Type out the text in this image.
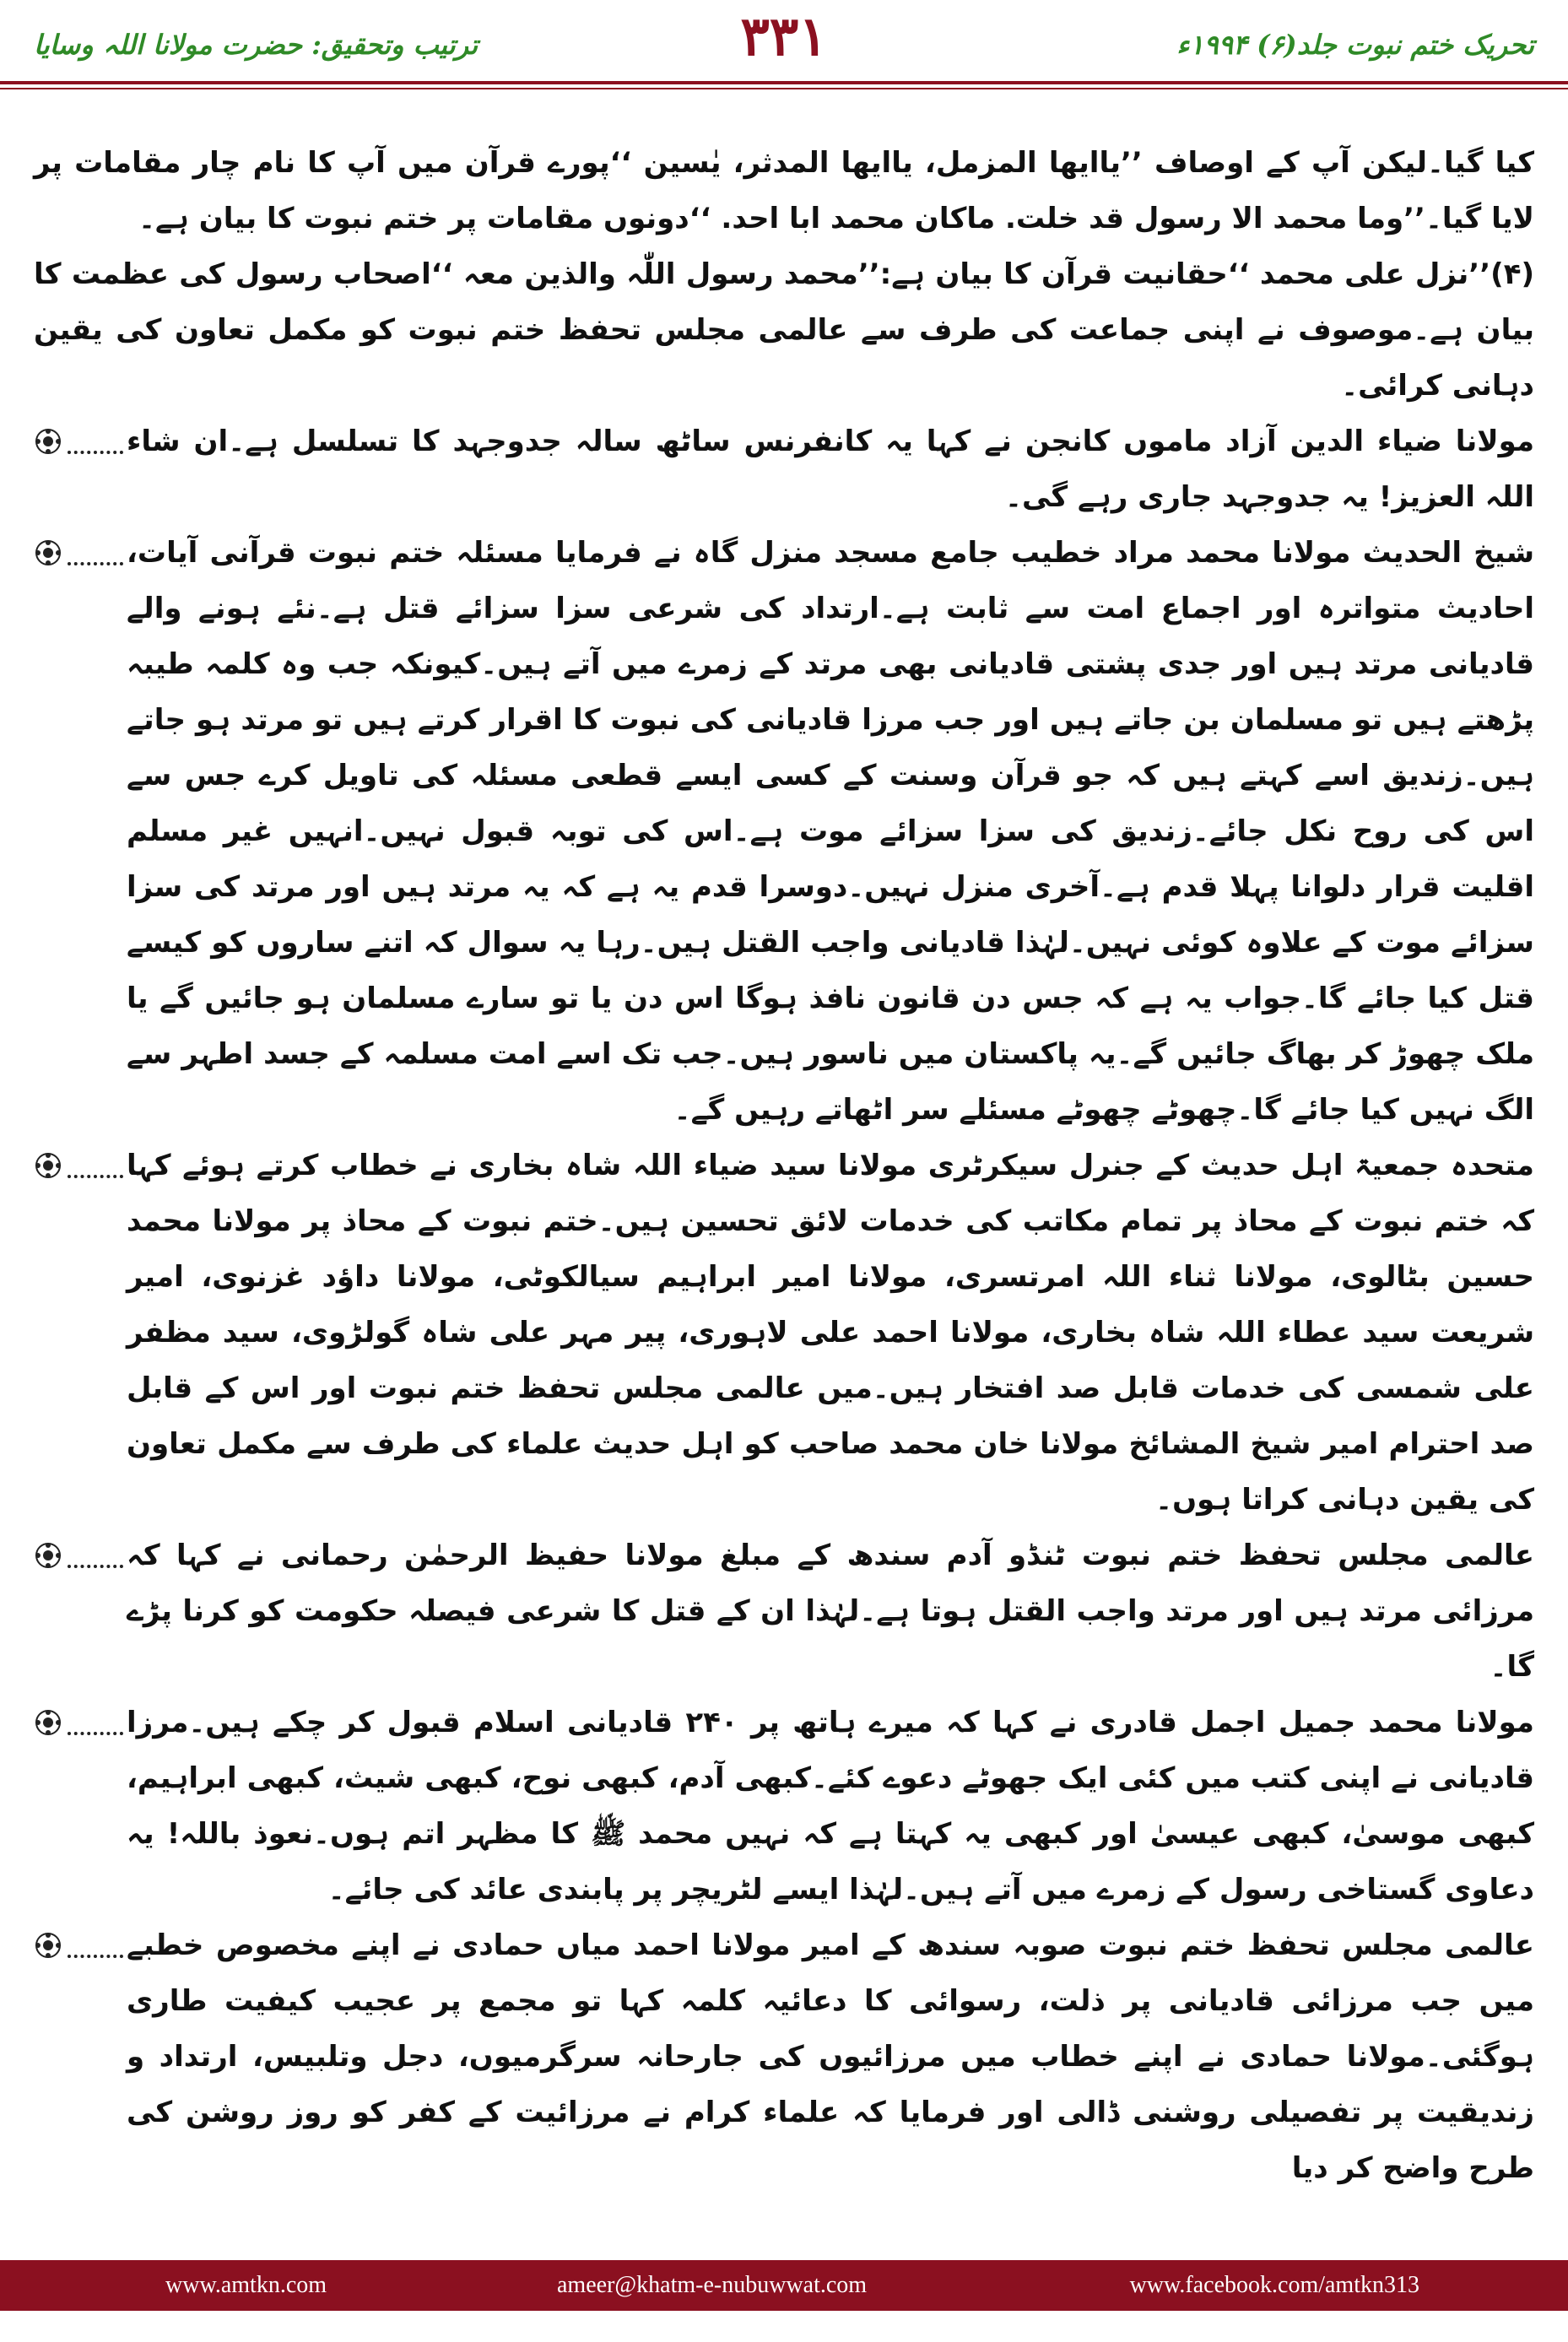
تحریک ختم نبوت جلد(۶) ۱۹۹۴ء
۳۳۱
ترتیب وتحقیق: حضرت مولانا اللہ وسایا

کیا گیا۔لیکن آپ کے اوصاف ’’یاایھا المزمل، یاایھا المدثر، یٰسین ‘‘پورے قرآن میں آپ کا نام چار مقامات پر لایا گیا۔’’وما محمد الا رسول قد خلت. ماکان محمد ابا احد. ‘‘دونوں مقامات پر ختم نبوت کا بیان ہے۔

(۴)’’نزل علی محمد ‘‘حقانیت قرآن کا بیان ہے:’’محمد رسول اللّٰہ والذین معہ ‘‘اصحاب رسول کی عظمت کا بیان ہے۔موصوف نے اپنی جماعت کی طرف سے عالمی مجلس تحفظ ختم نبوت کو مکمل تعاون کی یقین دہانی کرائی۔

مولانا ضیاء الدین آزاد ماموں کانجن نے کہا یہ کانفرنس ساٹھ سالہ جدوجہد کا تسلسل ہے۔ان شاء اللہ العزیز! یہ جدوجہد جاری رہے گی۔

شیخ الحدیث مولانا محمد مراد خطیب جامع مسجد منزل گاہ نے فرمایا مسئلہ ختم نبوت قرآنی آیات، احادیث متواترہ اور اجماع امت سے ثابت ہے۔ارتداد کی شرعی سزا سزائے قتل ہے۔نئے ہونے والے قادیانی مرتد ہیں اور جدی پشتی قادیانی بھی مرتد کے زمرے میں آتے ہیں۔کیونکہ جب وہ کلمہ طیبہ پڑھتے ہیں تو مسلمان بن جاتے ہیں اور جب مرزا قادیانی کی نبوت کا اقرار کرتے ہیں تو مرتد ہو جاتے ہیں۔زندیق اسے کہتے ہیں کہ جو قرآن وسنت کے کسی ایسے قطعی مسئلہ کی تاویل کرے جس سے اس کی روح نکل جائے۔زندیق کی سزا سزائے موت ہے۔اس کی توبہ قبول نہیں۔انہیں غیر مسلم اقلیت قرار دلوانا پہلا قدم ہے۔آخری منزل نہیں۔دوسرا قدم یہ ہے کہ یہ مرتد ہیں اور مرتد کی سزا سزائے موت کے علاوہ کوئی نہیں۔لہٰذا قادیانی واجب القتل ہیں۔رہا یہ سوال کہ اتنے ساروں کو کیسے قتل کیا جائے گا۔جواب یہ ہے کہ جس دن قانون نافذ ہوگا اس دن یا تو سارے مسلمان ہو جائیں گے یا ملک چھوڑ کر بھاگ جائیں گے۔یہ پاکستان میں ناسور ہیں۔جب تک اسے امت مسلمہ کے جسد اطہر سے الگ نہیں کیا جائے گا۔چھوٹے چھوٹے مسئلے سر اٹھاتے رہیں گے۔

متحدہ جمعیۃ اہل حدیث کے جنرل سیکرٹری مولانا سید ضیاء اللہ شاہ بخاری نے خطاب کرتے ہوئے کہا کہ ختم نبوت کے محاذ پر تمام مکاتب کی خدمات لائق تحسین ہیں۔ختم نبوت کے محاذ پر مولانا محمد حسین بٹالوی، مولانا ثناء اللہ امرتسری، مولانا امیر ابراہیم سیالکوٹی، مولانا داؤد غزنوی، امیر شریعت سید عطاء اللہ شاہ بخاری، مولانا احمد علی لاہوری، پیر مہر علی شاہ گولڑوی، سید مظفر علی شمسی کی خدمات قابل صد افتخار ہیں۔میں عالمی مجلس تحفظ ختم نبوت اور اس کے قابل صد احترام امیر شیخ المشائخ مولانا خان محمد صاحب کو اہل حدیث علماء کی طرف سے مکمل تعاون کی یقین دہانی کراتا ہوں۔

عالمی مجلس تحفظ ختم نبوت ٹنڈو آدم سندھ کے مبلغ مولانا حفیظ الرحمٰن رحمانی نے کہا کہ مرزائی مرتد ہیں اور مرتد واجب القتل ہوتا ہے۔لہٰذا ان کے قتل کا شرعی فیصلہ حکومت کو کرنا پڑے گا۔

مولانا محمد جمیل اجمل قادری نے کہا کہ میرے ہاتھ پر ۲۴۰ قادیانی اسلام قبول کر چکے ہیں۔مرزا قادیانی نے اپنی کتب میں کئی ایک جھوٹے دعوے کئے۔کبھی آدم، کبھی نوح، کبھی شیث، کبھی ابراہیم، کبھی موسیٰ، کبھی عیسیٰ اور کبھی یہ کہتا ہے کہ نہیں محمد ﷺ کا مظہر اتم ہوں۔نعوذ باللہ! یہ دعاوی گستاخی رسول کے زمرے میں آتے ہیں۔لہٰذا ایسے لٹریچر پر پابندی عائد کی جائے۔

عالمی مجلس تحفظ ختم نبوت صوبہ سندھ کے امیر مولانا احمد میاں حمادی نے اپنے مخصوص خطبے میں جب مرزائی قادیانی پر ذلت، رسوائی کا دعائیہ کلمہ کہا تو مجمع پر عجیب کیفیت طاری ہوگئی۔مولانا حمادی نے اپنے خطاب میں مرزائیوں کی جارحانہ سرگرمیوں، دجل وتلبیس، ارتداد و زندیقیت پر تفصیلی روشنی ڈالی اور فرمایا کہ علماء کرام نے مرزائیت کے کفر کو روز روشن کی طرح واضح کر دیا

www.amtkn.com	ameer@khatm-e-nubuwwat.com	www.facebook.com/amtkn313
